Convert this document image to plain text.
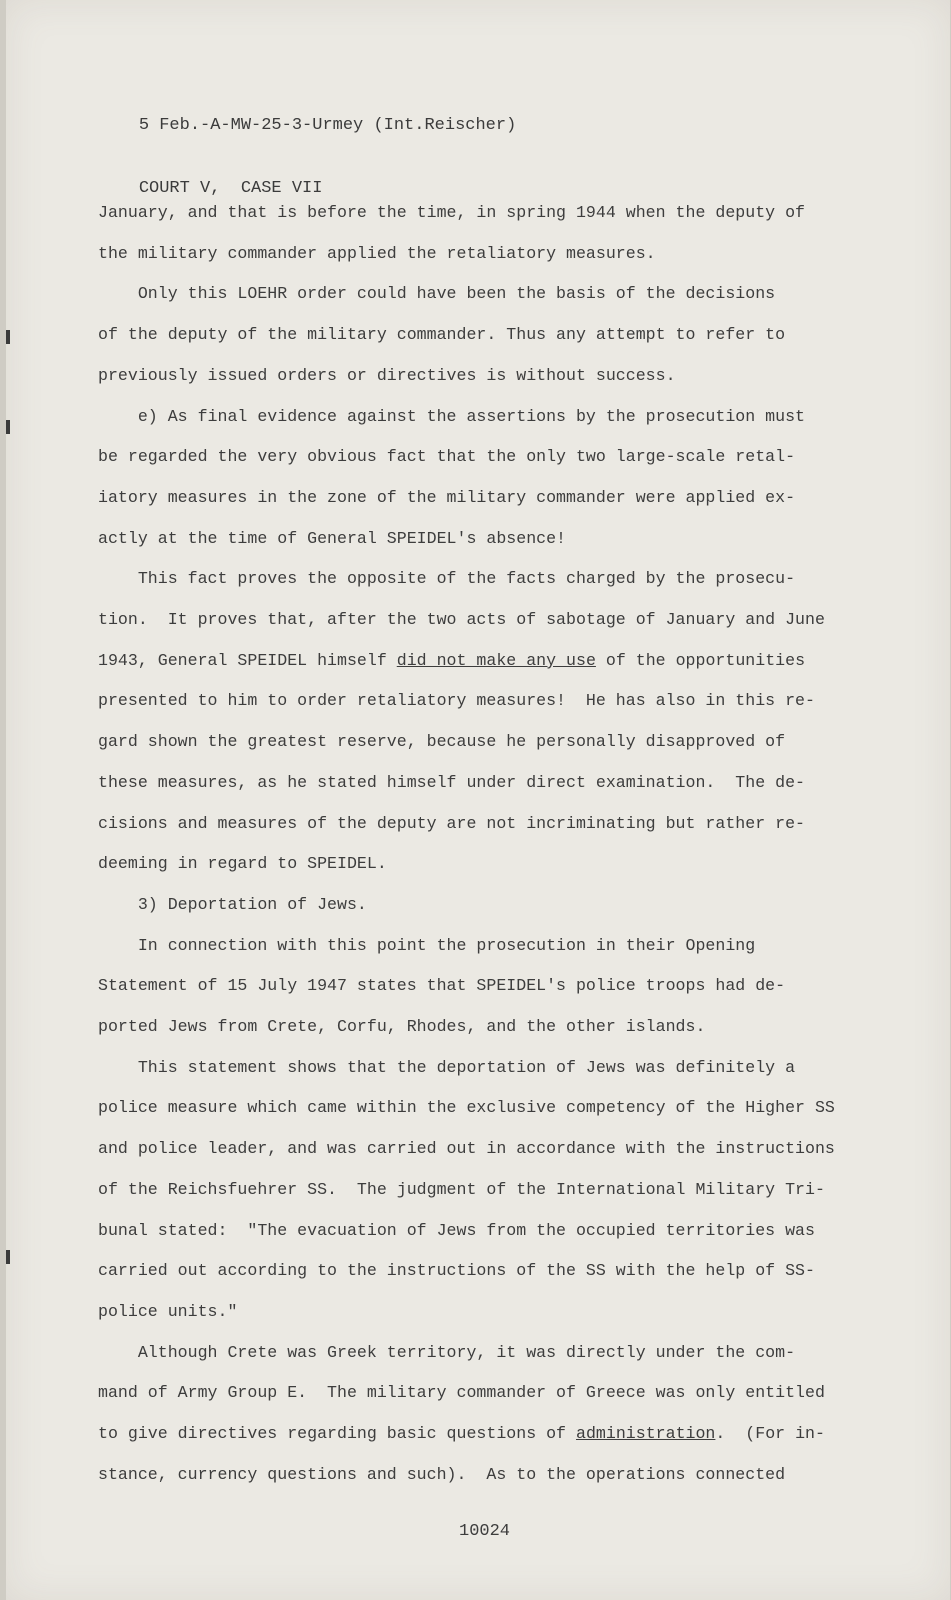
5 Feb.-A-MW-25-3-Urmey (Int.Reischer)

COURT V,  CASE VII

January, and that is before the time, in spring 1944 when the deputy of
the military commander applied the retaliatory measures.
Only this LOEHR order could have been the basis of the decisions
of the deputy of the military commander. Thus any attempt to refer to
previously issued orders or directives is without success.
e) As final evidence against the assertions by the prosecution must
be regarded the very obvious fact that the only two large-scale retal-
iatory measures in the zone of the military commander were applied ex-
actly at the time of General SPEIDEL's absence!
This fact proves the opposite of the facts charged by the prosecu-
tion.  It proves that, after the two acts of sabotage of January and June
1943, General SPEIDEL himself did not make any use of the opportunities
presented to him to order retaliatory measures!  He has also in this re-
gard shown the greatest reserve, because he personally disapproved of
these measures, as he stated himself under direct examination.  The de-
cisions and measures of the deputy are not incriminating but rather re-
deeming in regard to SPEIDEL.
3) Deportation of Jews.
In connection with this point the prosecution in their Opening
Statement of 15 July 1947 states that SPEIDEL's police troops had de-
ported Jews from Crete, Corfu, Rhodes, and the other islands.
This statement shows that the deportation of Jews was definitely a
police measure which came within the exclusive competency of the Higher SS
and police leader, and was carried out in accordance with the instructions
of the Reichsfuehrer SS.  The judgment of the International Military Tri-
bunal stated:  "The evacuation of Jews from the occupied territories was
carried out according to the instructions of the SS with the help of SS-
police units."
Although Crete was Greek territory, it was directly under the com-
mand of Army Group E.  The military commander of Greece was only entitled
to give directives regarding basic questions of administration.  (For in-
stance, currency questions and such).  As to the operations connected
10024
